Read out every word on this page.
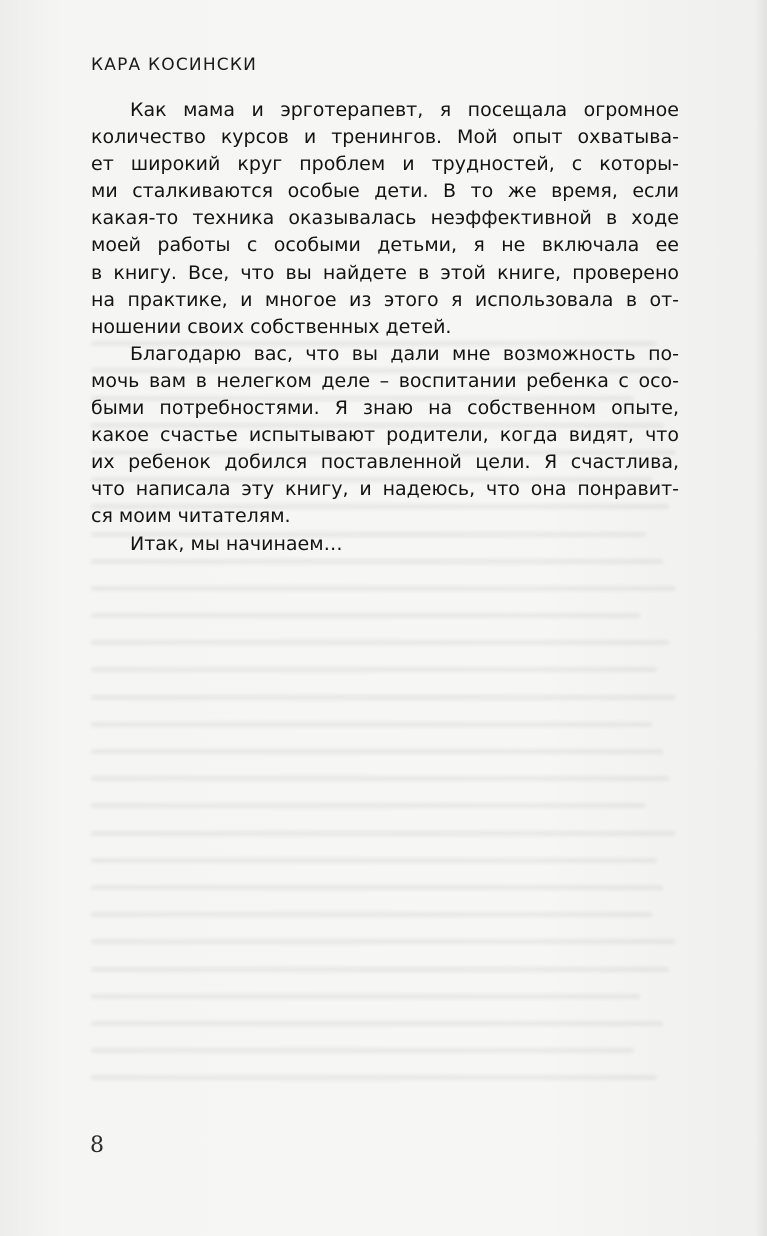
КАРА КОСИНСКИ

Как мама и эрготерапевт, я посещала огромное
количество курсов и тренингов. Мой опыт охватыва-
ет широкий круг проблем и трудностей, с которы-
ми сталкиваются особые дети. В то же время, если
какая-то техника оказывалась неэффективной в ходе
моей работы с особыми детьми, я не включала ее
в книгу. Все, что вы найдете в этой книге, проверено
на практике, и многое из этого я использовала в от-
ношении своих собственных детей.

Благодарю вас, что вы дали мне возможность по-
мочь вам в нелегком деле – воспитании ребенка с осо-
быми потребностями. Я знаю на собственном опыте,
какое счастье испытывают родители, когда видят, что
их ребенок добился поставленной цели. Я счастлива,
что написала эту книгу, и надеюсь, что она понравит-
ся моим читателям.

Итак, мы начинаем…

8
